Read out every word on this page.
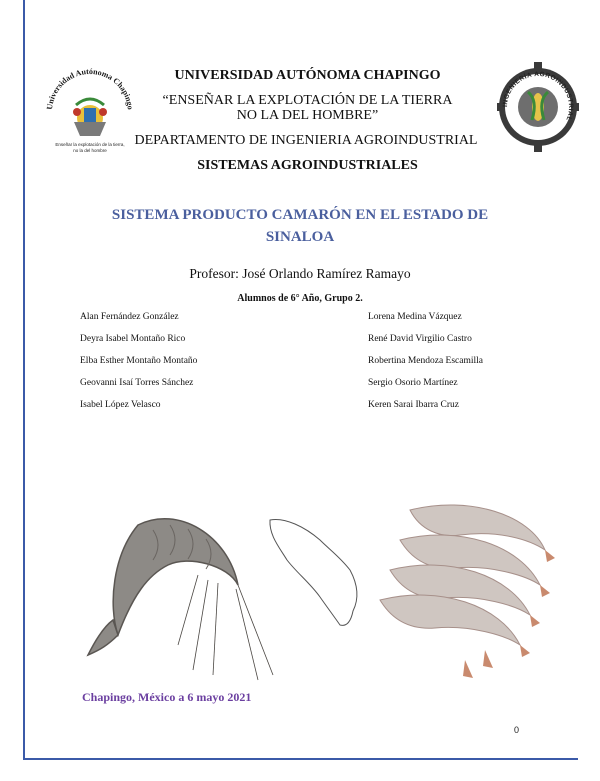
Universidad Autónoma Chapingo
Enseñar la explotación de la tierra,
no la del hombre
INGENIERÍA AGROINDUSTRIAL
UNIVERSIDAD AUTÓNOMA CHAPINGO
“ENSEÑAR LA EXPLOTACIÓN DE LA TIERRA
NO LA DEL HOMBRE”
DEPARTAMENTO DE INGENIERIA AGROINDUSTRIAL
SISTEMAS AGROINDUSTRIALES
SISTEMA PRODUCTO CAMARÓN EN EL ESTADO DE
SINALOA
Profesor: José Orlando Ramírez Ramayo
Alumnos de 6° Año, Grupo 2.
Alan Fernández González
Deyra Isabel Montaño Rico
Elba Esther Montaño Montaño
Geovanni Isaí Torres Sánchez
Isabel López Velasco
Lorena Medina Vázquez
René David Virgilio Castro
Robertina Mendoza Escamilla
Sergio Osorio Martínez
Keren Sarai Ibarra Cruz
Chapingo, México a 6 mayo 2021
0
